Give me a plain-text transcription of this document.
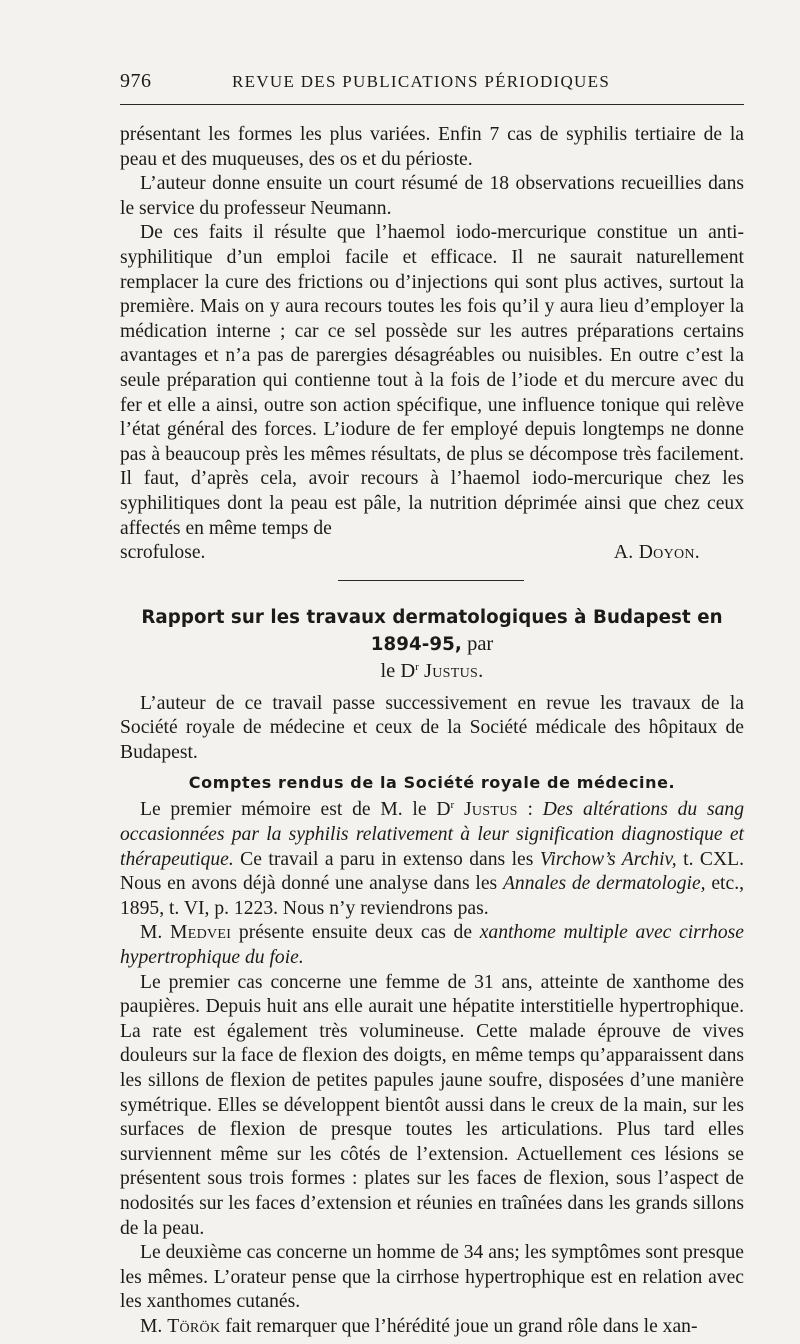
976	REVUE DES PUBLICATIONS PÉRIODIQUES

présentant les formes les plus variées. Enfin 7 cas de syphilis tertiaire de la peau et des muqueuses, des os et du périoste.

L’auteur donne ensuite un court résumé de 18 observations recueillies dans le service du professeur Neumann.

De ces faits il résulte que l’haemol iodo-mercurique constitue un anti-syphilitique d’un emploi facile et efficace. Il ne saurait naturellement remplacer la cure des frictions ou d’injections qui sont plus actives, surtout la première. Mais on y aura recours toutes les fois qu’il y aura lieu d’employer la médication interne ; car ce sel possède sur les autres préparations certains avantages et n’a pas de parergies désagréables ou nuisibles. En outre c’est la seule préparation qui contienne tout à la fois de l’iode et du mercure avec du fer et elle a ainsi, outre son action spécifique, une influence tonique qui relève l’état général des forces. L’iodure de fer employé depuis longtemps ne donne pas à beaucoup près les mêmes résultats, de plus se décompose très facilement. Il faut, d’après cela, avoir recours à l’haemol iodo-mercurique chez les syphilitiques dont la peau est pâle, la nutrition déprimée ainsi que chez ceux affectés en même temps de

scrofulose.	A. Doyon.
Rapport sur les travaux dermatologiques à Budapest en 1894-95, par
le $D^r$ Justus.

L’auteur de ce travail passe successivement en revue les travaux de la Société royale de médecine et ceux de la Société médicale des hôpitaux de Budapest.

Comptes rendus de la Société royale de médecine.

Le premier mémoire est de M. le $D^r$ Justus : Des altérations du sang occasionnées par la syphilis relativement à leur signification diagnostique et thérapeutique. Ce travail a paru in extenso dans les Virchow’s Archiv, t. CXL. Nous en avons déjà donné une analyse dans les Annales de dermatologie, etc., 1895, t. VI, p. 1223. Nous n’y reviendrons pas.

M. Medvei présente ensuite deux cas de xanthome multiple avec cirrhose hypertrophique du foie.

Le premier cas concerne une femme de 31 ans, atteinte de xanthome des paupières. Depuis huit ans elle aurait une hépatite interstitielle hypertrophique. La rate est également très volumineuse. Cette malade éprouve de vives douleurs sur la face de flexion des doigts, en même temps qu’apparaissent dans les sillons de flexion de petites papules jaune soufre, disposées d’une manière symétrique. Elles se développent bientôt aussi dans le creux de la main, sur les surfaces de flexion de presque toutes les articulations. Plus tard elles surviennent même sur les côtés de l’extension. Actuellement ces lésions se présentent sous trois formes : plates sur les faces de flexion, sous l’aspect de nodosités sur les faces d’extension et réunies en traînées dans les grands sillons de la peau.

Le deuxième cas concerne un homme de 34 ans; les symptômes sont presque les mêmes. L’orateur pense que la cirrhose hypertrophique est en relation avec les xanthomes cutanés.

M. Török fait remarquer que l’hérédité joue un grand rôle dans le xan-
